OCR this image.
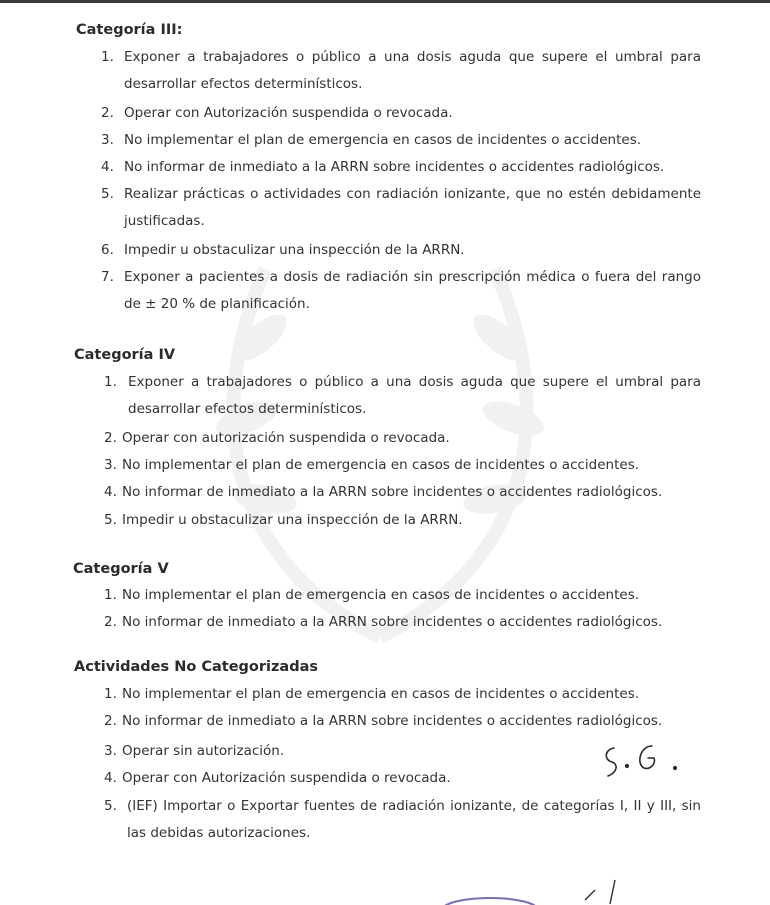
Categoría III:
1. Exponer a trabajadores o público a una dosis aguda que supere el umbral para desarrollar efectos determinísticos.
2. Operar con Autorización suspendida o revocada.
3. No implementar el plan de emergencia en casos de incidentes o accidentes.
4. No informar de inmediato a la ARRN sobre incidentes o accidentes radiológicos.
5. Realizar prácticas o actividades con radiación ionizante, que no estén debidamente justificadas.
6. Impedir u obstaculizar una inspección de la ARRN.
7. Exponer a pacientes a dosis de radiación sin prescripción médica o fuera del rango de ± 20 % de planificación.
Categoría IV
1. Exponer a trabajadores o público a una dosis aguda que supere el umbral para desarrollar efectos determinísticos.
2. Operar con autorización suspendida o revocada.
3. No implementar el plan de emergencia en casos de incidentes o accidentes.
4. No informar de inmediato a la ARRN sobre incidentes o accidentes radiológicos.
5. Impedir u obstaculizar una inspección de la ARRN.
Categoría V
1. No implementar el plan de emergencia en casos de incidentes o accidentes.
2. No informar de inmediato a la ARRN sobre incidentes o accidentes radiológicos.
Actividades No Categorizadas
1. No implementar el plan de emergencia en casos de incidentes o accidentes.
2. No informar de inmediato a la ARRN sobre incidentes o accidentes radiológicos.
3. Operar sin autorización.
4. Operar con Autorización suspendida o revocada.
5. (IEF) Importar o Exportar fuentes de radiación ionizante, de categorías I, II y III, sin las debidas autorizaciones.
